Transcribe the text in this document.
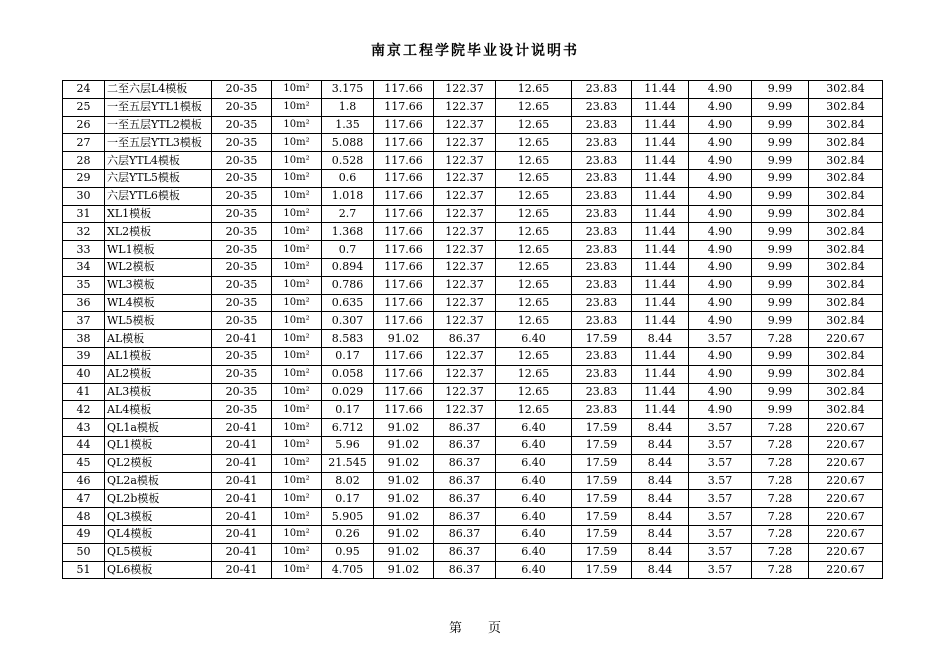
南京工程学院毕业设计说明书
24	二至六层L4模板	20-35	10m²	3.175	117.66	122.37	12.65	23.83	11.44	4.90	9.99	302.84
25	一至五层YTL1模板	20-35	10m²	1.8	117.66	122.37	12.65	23.83	11.44	4.90	9.99	302.84
26	一至五层YTL2模板	20-35	10m²	1.35	117.66	122.37	12.65	23.83	11.44	4.90	9.99	302.84
27	一至五层YTL3模板	20-35	10m²	5.088	117.66	122.37	12.65	23.83	11.44	4.90	9.99	302.84
28	六层YTL4模板	20-35	10m²	0.528	117.66	122.37	12.65	23.83	11.44	4.90	9.99	302.84
29	六层YTL5模板	20-35	10m²	0.6	117.66	122.37	12.65	23.83	11.44	4.90	9.99	302.84
30	六层YTL6模板	20-35	10m²	1.018	117.66	122.37	12.65	23.83	11.44	4.90	9.99	302.84
31	XL1模板	20-35	10m²	2.7	117.66	122.37	12.65	23.83	11.44	4.90	9.99	302.84
32	XL2模板	20-35	10m²	1.368	117.66	122.37	12.65	23.83	11.44	4.90	9.99	302.84
33	WL1模板	20-35	10m²	0.7	117.66	122.37	12.65	23.83	11.44	4.90	9.99	302.84
34	WL2模板	20-35	10m²	0.894	117.66	122.37	12.65	23.83	11.44	4.90	9.99	302.84
35	WL3模板	20-35	10m²	0.786	117.66	122.37	12.65	23.83	11.44	4.90	9.99	302.84
36	WL4模板	20-35	10m²	0.635	117.66	122.37	12.65	23.83	11.44	4.90	9.99	302.84
37	WL5模板	20-35	10m²	0.307	117.66	122.37	12.65	23.83	11.44	4.90	9.99	302.84
38	AL模板	20-41	10m²	8.583	91.02	86.37	6.40	17.59	8.44	3.57	7.28	220.67
39	AL1模板	20-35	10m²	0.17	117.66	122.37	12.65	23.83	11.44	4.90	9.99	302.84
40	AL2模板	20-35	10m²	0.058	117.66	122.37	12.65	23.83	11.44	4.90	9.99	302.84
41	AL3模板	20-35	10m²	0.029	117.66	122.37	12.65	23.83	11.44	4.90	9.99	302.84
42	AL4模板	20-35	10m²	0.17	117.66	122.37	12.65	23.83	11.44	4.90	9.99	302.84
43	QL1a模板	20-41	10m²	6.712	91.02	86.37	6.40	17.59	8.44	3.57	7.28	220.67
44	QL1模板	20-41	10m²	5.96	91.02	86.37	6.40	17.59	8.44	3.57	7.28	220.67
45	QL2模板	20-41	10m²	21.545	91.02	86.37	6.40	17.59	8.44	3.57	7.28	220.67
46	QL2a模板	20-41	10m²	8.02	91.02	86.37	6.40	17.59	8.44	3.57	7.28	220.67
47	QL2b模板	20-41	10m²	0.17	91.02	86.37	6.40	17.59	8.44	3.57	7.28	220.67
48	QL3模板	20-41	10m²	5.905	91.02	86.37	6.40	17.59	8.44	3.57	7.28	220.67
49	QL4模板	20-41	10m²	0.26	91.02	86.37	6.40	17.59	8.44	3.57	7.28	220.67
50	QL5模板	20-41	10m²	0.95	91.02	86.37	6.40	17.59	8.44	3.57	7.28	220.67
51	QL6模板	20-41	10m²	4.705	91.02	86.37	6.40	17.59	8.44	3.57	7.28	220.67
第 页
